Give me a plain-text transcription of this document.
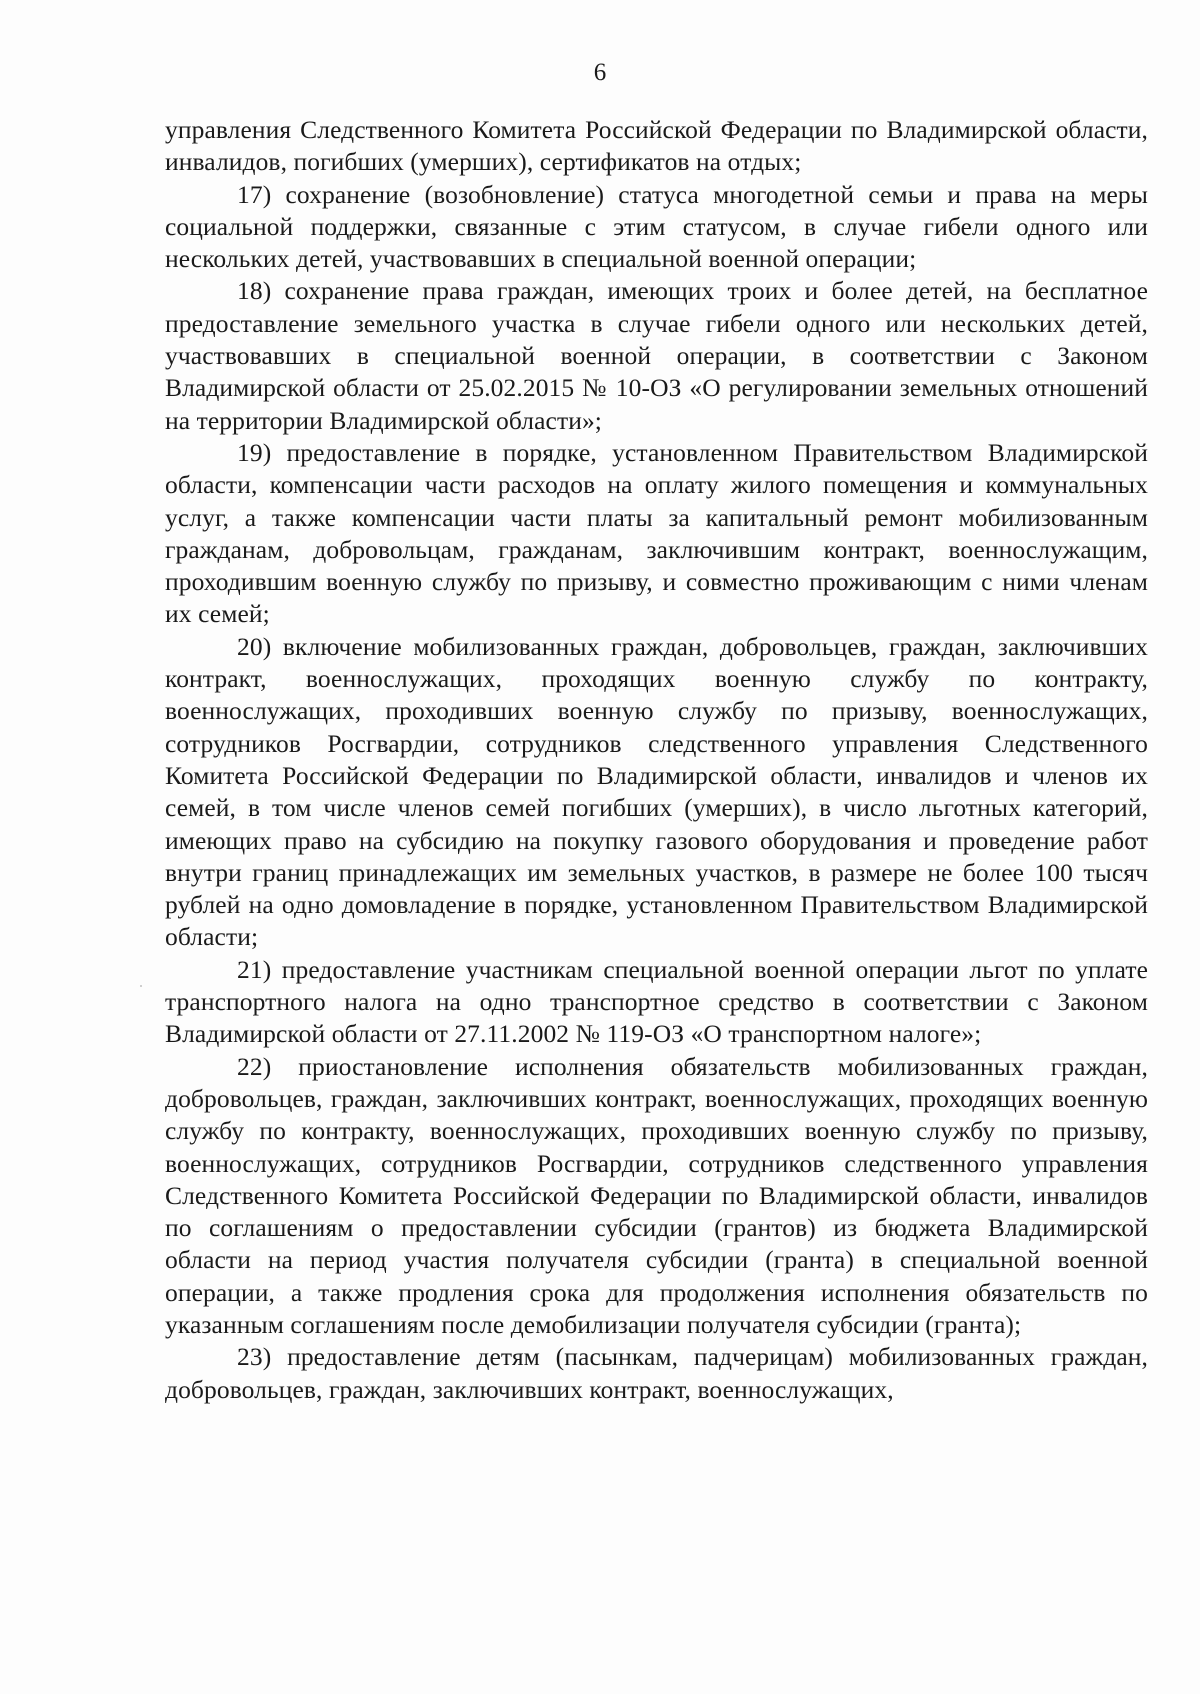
6

управления Следственного Комитета Российской Федерации по Владимирской области, инвалидов, погибших (умерших), сертификатов на отдых;

17) сохранение (возобновление) статуса многодетной семьи и права на меры социальной поддержки, связанные с этим статусом, в случае гибели одного или нескольких детей, участвовавших в специальной военной операции;

18) сохранение права граждан, имеющих троих и более детей, на бесплатное предоставление земельного участка в случае гибели одного или нескольких детей, участвовавших в специальной военной операции, в соответствии с Законом Владимирской области от 25.02.2015 № 10-ОЗ «О регулировании земельных отношений на территории Владимирской области»;

19) предоставление в порядке, установленном Правительством Владимирской области, компенсации части расходов на оплату жилого помещения и коммунальных услуг, а также компенсации части платы за капитальный ремонт мобилизованным гражданам, добровольцам, гражданам, заключившим контракт, военнослужащим, проходившим военную службу по призыву, и совместно проживающим с ними членам их семей;

20) включение мобилизованных граждан, добровольцев, граждан, заключивших контракт, военнослужащих, проходящих военную службу по контракту, военнослужащих, проходивших военную службу по призыву, военнослужащих, сотрудников Росгвардии, сотрудников следственного управления Следственного Комитета Российской Федерации по Владимирской области, инвалидов и членов их семей, в том числе членов семей погибших (умерших), в число льготных категорий, имеющих право на субсидию на покупку газового оборудования и проведение работ внутри границ принадлежащих им земельных участков, в размере не более 100 тысяч рублей на одно домовладение в порядке, установленном Правительством Владимирской области;

21) предоставление участникам специальной военной операции льгот по уплате транспортного налога на одно транспортное средство в соответствии с Законом Владимирской области от 27.11.2002 № 119-ОЗ «О транспортном налоге»;

22) приостановление исполнения обязательств мобилизованных граждан, добровольцев, граждан, заключивших контракт, военнослужащих, проходящих военную службу по контракту, военнослужащих, проходивших военную службу по призыву, военнослужащих, сотрудников Росгвардии, сотрудников следственного управления Следственного Комитета Российской Федерации по Владимирской области, инвалидов по соглашениям о предоставлении субсидии (грантов) из бюджета Владимирской области на период участия получателя субсидии (гранта) в специальной военной операции, а также продления срока для продолжения исполнения обязательств по указанным соглашениям после демобилизации получателя субсидии (гранта);

23) предоставление детям (пасынкам, падчерицам) мобилизованных граждан, добровольцев, граждан, заключивших контракт, военнослужащих,
